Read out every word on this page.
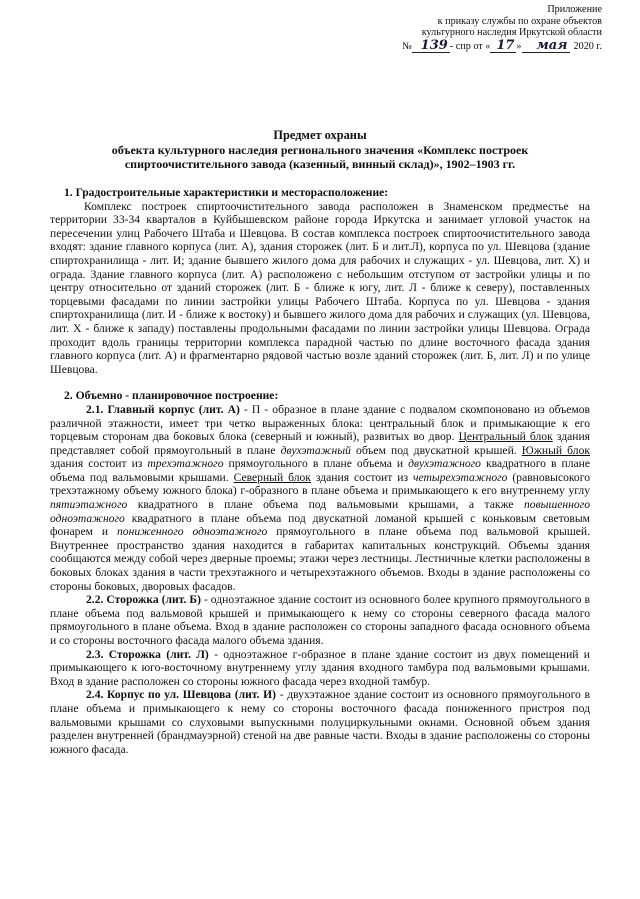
Приложение
к приказу службы по охране объектов
культурного наследия Иркутской области
№ 139 - спр от « 17 »	мая 2020 г.
Предмет охраны
объекта культурного наследия регионального значения «Комплекс построек
спиртоочистительного завода (казенный, винный склад)», 1902–1903 гг.

1. Градостроительные характеристики и месторасположение:

Комплекс построек спиртоочистительного завода расположен в Знаменском предместье на территории 33-34 кварталов в Куйбышевском районе города Иркутска и занимает угловой участок на пересечении улиц Рабочего Штаба и Шевцова. В состав комплекса построек спиртоочистительного завода входят: здание главного корпуса (лит. А), здания сторожек (лит. Б и лит.Л), корпуса по ул. Шевцова (здание спиртохранилища - лит. И; здание бывшего жилого дома для рабочих и служащих - ул. Шевцова, лит. Х) и ограда. Здание главного корпуса (лит. А) расположено с небольшим отступом от застройки улицы и по центру относительно от зданий сторожек (лит. Б - ближе к югу, лит. Л - ближе к северу), поставленных торцевыми фасадами по линии застройки улицы Рабочего Штаба. Корпуса по ул. Шевцова - здания спиртохранилища (лит. И - ближе к востоку) и бывшего жилого дома для рабочих и служащих (ул. Шевцова, лит. Х - ближе к западу) поставлены продольными фасадами по линии застройки улицы Шевцова. Ограда проходит вдоль границы территории комплекса парадной частью по длине восточного фасада здания главного корпуса (лит. А) и фрагментарно рядовой частью возле зданий сторожек (лит. Б, лит. Л) и по улице Шевцова.

2. Объемно - планировочное построение:

2.1. Главный корпус (лит. А) - П - образное в плане здание с подвалом скомпоновано из объемов различной этажности, имеет три четко выраженных блока: центральный блок и примыкающие к его торцевым сторонам два боковых блока (северный и южный), развитых во двор. Центральный блок здания представляет собой прямоугольный в плане двухэтажный объем под двускатной крышей. Южный блок здания состоит из трехэтажного прямоугольного в плане объема и двухэтажного квадратного в плане объема под вальмовыми крышами. Северный блок здания состоит из четырехэтажного (равновысокого трехэтажному объему южного блока) г-образного в плане объема и примыкающего к его внутреннему углу пятиэтажного квадратного в плане объема под вальмовыми крышами, а также повышенного одноэтажного квадратного в плане объема под двускатной ломаной крышей с коньковым световым фонарем и пониженного одноэтажного прямоугольного в плане объема под вальмовой крышей. Внутреннее пространство здания находится в габаритах капитальных конструкций. Объемы здания сообщаются между собой через дверные проемы; этажи через лестницы. Лестничные клетки расположены в боковых блоках здания в части трехэтажного и четырехэтажного объемов. Входы в здание расположены со стороны боковых, дворовых фасадов.

2.2. Сторожка (лит. Б) - одноэтажное здание состоит из основного более крупного прямоугольного в плане объема под вальмовой крышей и примыкающего к нему со стороны северного фасада малого прямоугольного в плане объема. Вход в здание расположен со стороны западного фасада основного объема и со стороны восточного фасада малого объема здания.

2.3. Сторожка (лит. Л) - одноэтажное г-образное в плане здание состоит из двух помещений и примыкающего к юго-восточному внутреннему углу здания входного тамбура под вальмовыми крышами. Вход в здание расположен со стороны южного фасада через входной тамбур.

2.4. Корпус по ул. Шевцова (лит. И) - двухэтажное здание состоит из основного прямоугольного в плане объема и примыкающего к нему со стороны восточного фасада пониженного пристроя под вальмовыми крышами со слуховыми выпускными полуциркульными окнами. Основной объем здания разделен внутренней (брандмауэрной) стеной на две равные части. Входы в здание расположены со стороны южного фасада.
